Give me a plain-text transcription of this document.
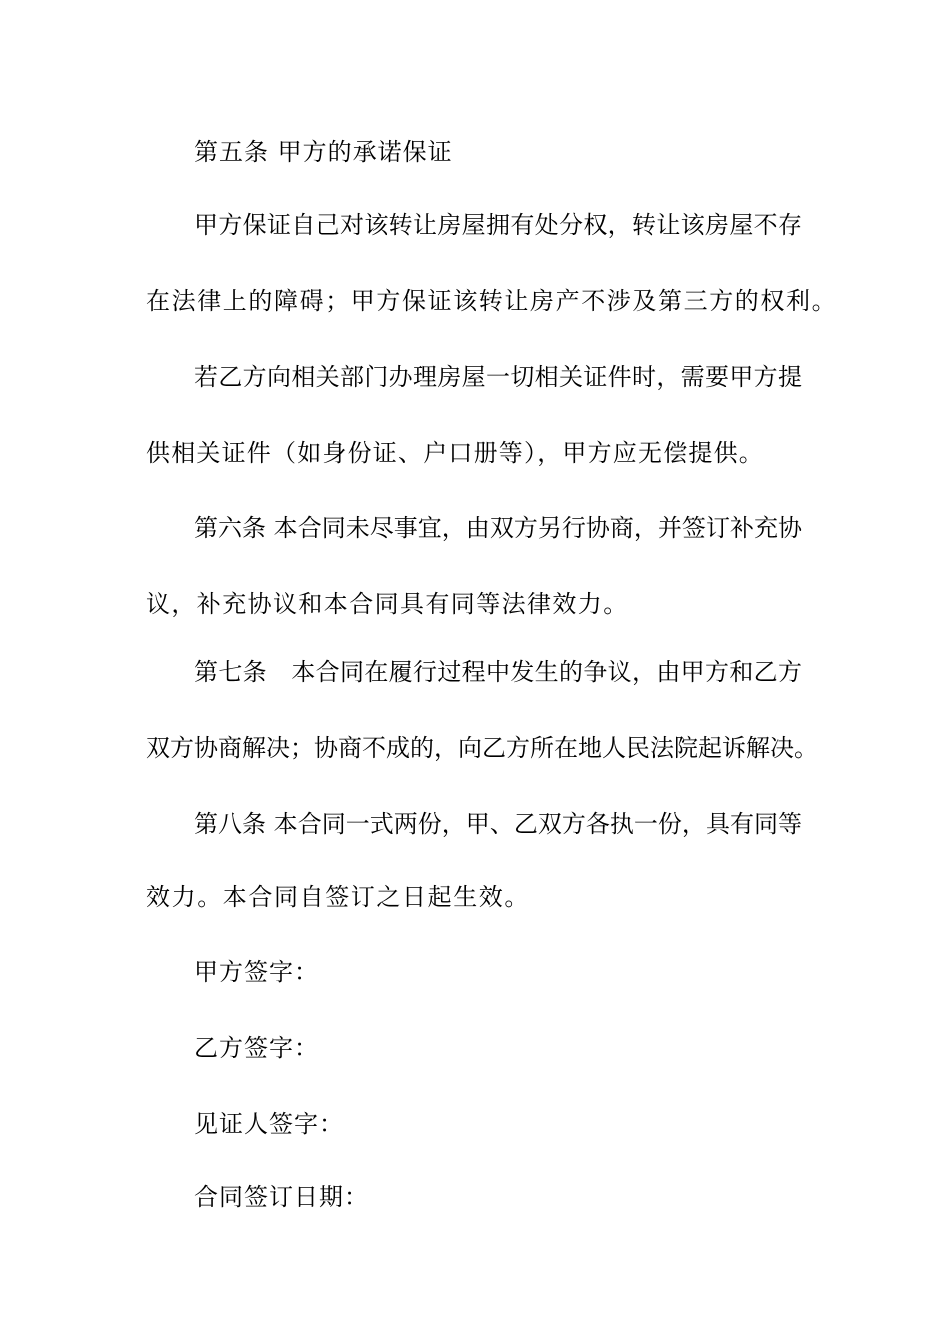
第五条 甲方的承诺保证

甲方保证自己对该转让房屋拥有处分权，转让该房屋不存

在法律上的障碍；甲方保证该转让房产不涉及第三方的权利。

若乙方向相关部门办理房屋一切相关证件时，需要甲方提

供相关证件（如身份证、户口册等），甲方应无偿提供。

第六条 本合同未尽事宜，由双方另行协商，并签订补充协

议，补充协议和本合同具有同等法律效力。

第七条　本合同在履行过程中发生的争议，由甲方和乙方

双方协商解决；协商不成的，向乙方所在地人民法院起诉解决。

第八条 本合同一式两份，甲、乙双方各执一份，具有同等

效力。本合同自签订之日起生效。

甲方签字：

乙方签字：

见证人签字：

合同签订日期：
